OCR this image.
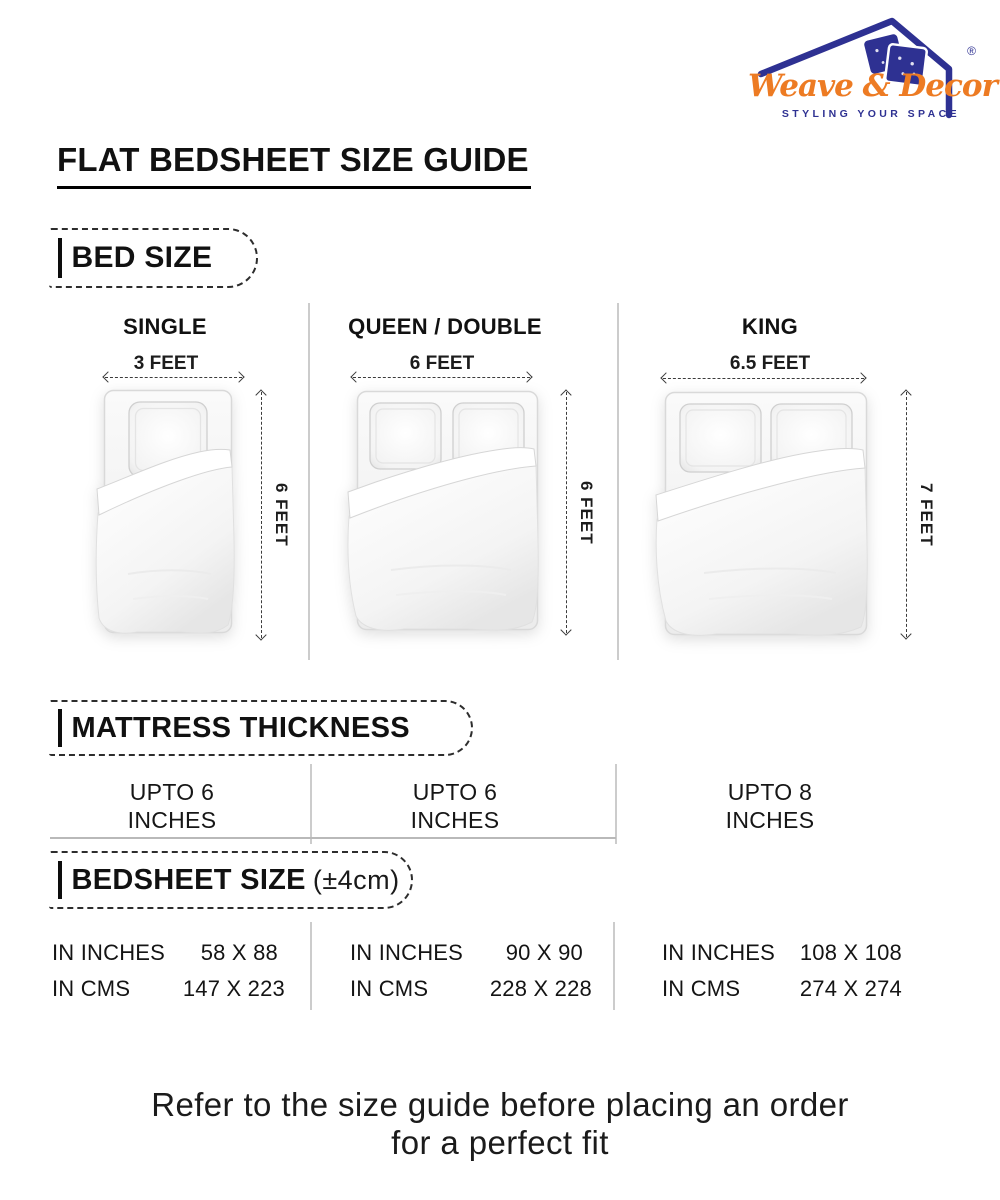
Weave & Decor
®
STYLING YOUR SPACE
FLAT BEDSHEET SIZE GUIDE
BED SIZE
SINGLE	QUEEN / DOUBLE	KING
3 FEET	6 FEET	6.5 FEET
6 FEET	6 FEET	7 FEET
MATTRESS THICKNESS
UPTO 6
INCHES
UPTO 6
INCHES
UPTO 8
INCHES
BEDSHEET SIZE (±4cm)
IN INCHES 58 X 88
IN CMS 147 X 223
IN INCHES 90 X 90
IN CMS	228 X 228
IN INCHES 108 X 108
IN CMS	274 X 274
Refer to the size guide before placing an order
for a perfect fit
